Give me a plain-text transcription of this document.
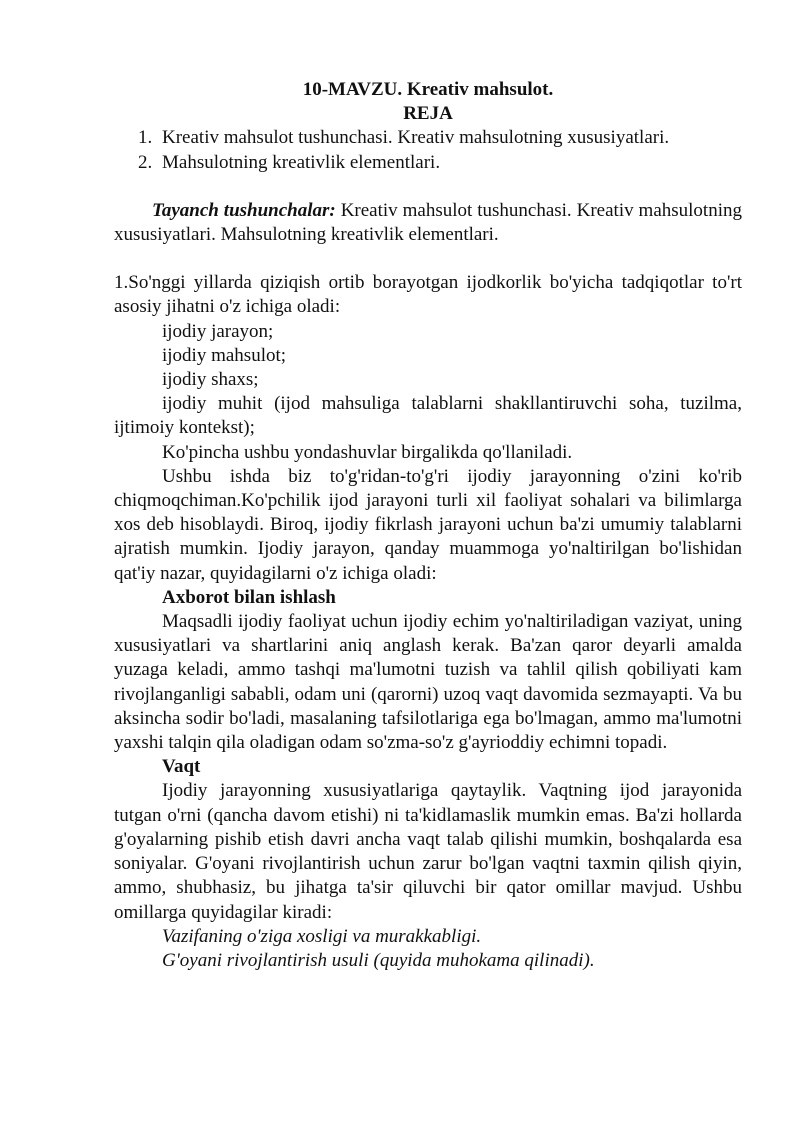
10-MAVZU. Kreativ mahsulot.
REJA
1. Kreativ mahsulot tushunchasi. Kreativ mahsulotning xususiyatlari.
2. Mahsulotning kreativlik elementlari.

Tayanch tushunchalar: Kreativ mahsulot tushunchasi. Kreativ mahsulotning xususiyatlari. Mahsulotning kreativlik elementlari.

1.So'nggi yillarda qiziqish ortib borayotgan ijodkorlik bo'yicha tadqiqotlar to'rt asosiy jihatni o'z ichiga oladi:

ijodiy jarayon;

ijodiy mahsulot;

ijodiy shaxs;

ijodiy muhit (ijod mahsuliga talablarni shakllantiruvchi soha, tuzilma, ijtimoiy kontekst);

Ko'pincha ushbu yondashuvlar birgalikda qo'llaniladi.

Ushbu ishda biz to'g'ridan-to'g'ri ijodiy jarayonning o'zini ko'rib chiqmoqchiman.Ko'pchilik ijod jarayoni turli xil faoliyat sohalari va bilimlarga xos deb hisoblaydi. Biroq, ijodiy fikrlash jarayoni uchun ba'zi umumiy talablarni ajratish mumkin. Ijodiy jarayon, qanday muammoga yo'naltirilgan bo'lishidan qat'iy nazar, quyidagilarni o'z ichiga oladi:

Axborot bilan ishlash

Maqsadli ijodiy faoliyat uchun ijodiy echim yo'naltiriladigan vaziyat, uning xususiyatlari va shartlarini aniq anglash kerak. Ba'zan qaror deyarli amalda yuzaga keladi, ammo tashqi ma'lumotni tuzish va tahlil qilish qobiliyati kam rivojlanganligi sababli, odam uni (qarorni) uzoq vaqt davomida sezmayapti. Va bu aksincha sodir bo'ladi, masalaning tafsilotlariga ega bo'lmagan, ammo ma'lumotni yaxshi talqin qila oladigan odam so'zma-so'z g'ayrioddiy echimni topadi.

Vaqt

Ijodiy jarayonning xususiyatlariga qaytaylik. Vaqtning ijod jarayonida tutgan o'rni (qancha davom etishi) ni ta'kidlamaslik mumkin emas. Ba'zi hollarda g'oyalarning pishib etish davri ancha vaqt talab qilishi mumkin, boshqalarda esa soniyalar. G'oyani rivojlantirish uchun zarur bo'lgan vaqtni taxmin qilish qiyin, ammo, shubhasiz, bu jihatga ta'sir qiluvchi bir qator omillar mavjud. Ushbu omillarga quyidagilar kiradi:

Vazifaning o'ziga xosligi va murakkabligi.

G'oyani rivojlantirish usuli (quyida muhokama qilinadi).
